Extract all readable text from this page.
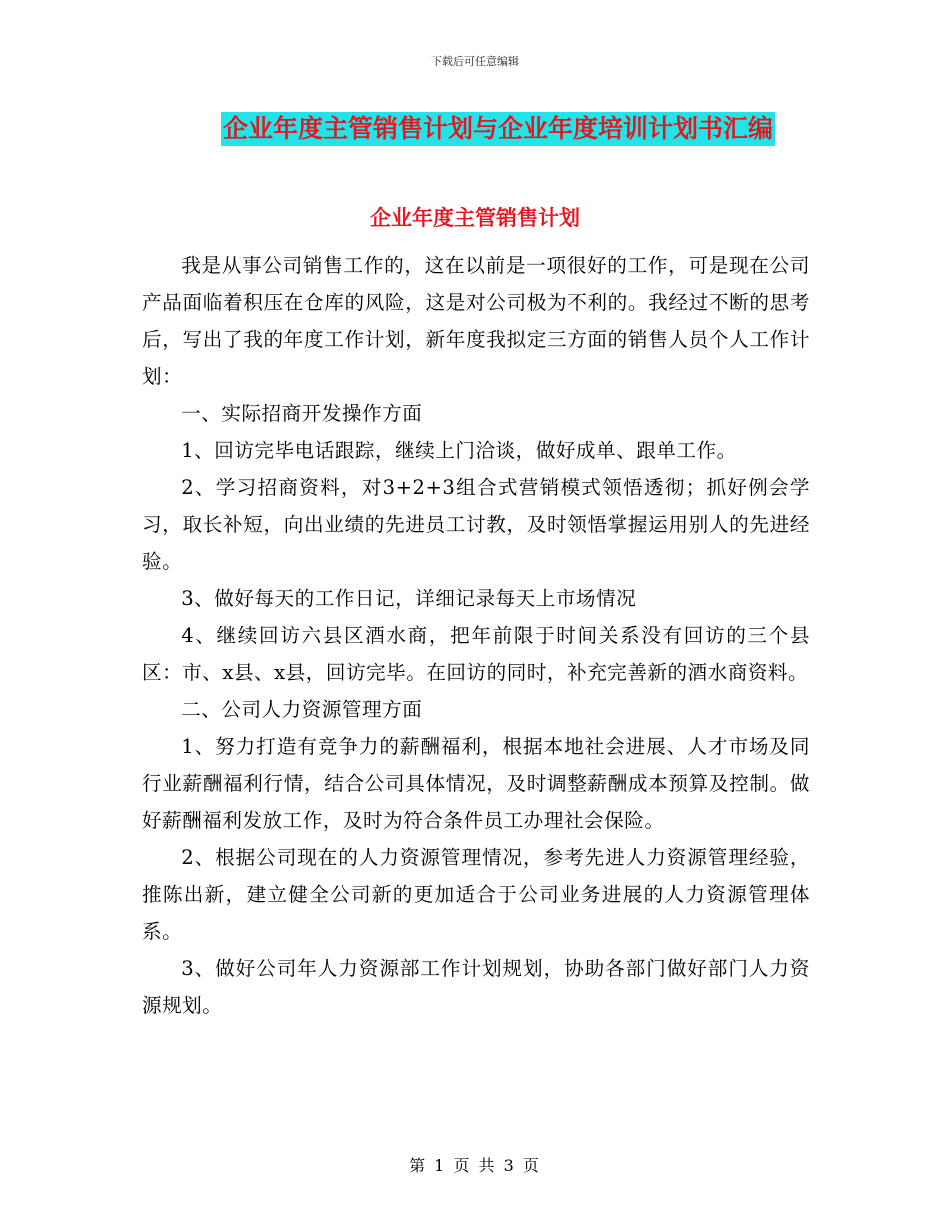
下载后可任意编辑
企业年度主管销售计划与企业年度培训计划书汇编
企业年度主管销售计划

我是从事公司销售工作的，这在以前是一项很好的工作，可是现在公司产品面临着积压在仓库的风险，这是对公司极为不利的。我经过不断的思考后，写出了我的年度工作计划，新年度我拟定三方面的销售人员个人工作计划：

一、实际招商开发操作方面

1、回访完毕电话跟踪，继续上门洽谈，做好成单、跟单工作。

2、学习招商资料，对3+2+3组合式营销模式领悟透彻；抓好例会学习，取长补短，向出业绩的先进员工讨教，及时领悟掌握运用别人的先进经验。

3、做好每天的工作日记，详细记录每天上市场情况

4、继续回访六县区酒水商，把年前限于时间关系没有回访的三个县区：市、x县、x县，回访完毕。在回访的同时，补充完善新的酒水商资料。

二、公司人力资源管理方面

1、努力打造有竞争力的薪酬福利，根据本地社会进展、人才市场及同行业薪酬福利行情，结合公司具体情况，及时调整薪酬成本预算及控制。做好薪酬福利发放工作，及时为符合条件员工办理社会保险。

2、根据公司现在的人力资源管理情况，参考先进人力资源管理经验，推陈出新，建立健全公司新的更加适合于公司业务进展的人力资源管理体系。

3、做好公司年人力资源部工作计划规划，协助各部门做好部门人力资源规划。

第 1 页 共 3 页
